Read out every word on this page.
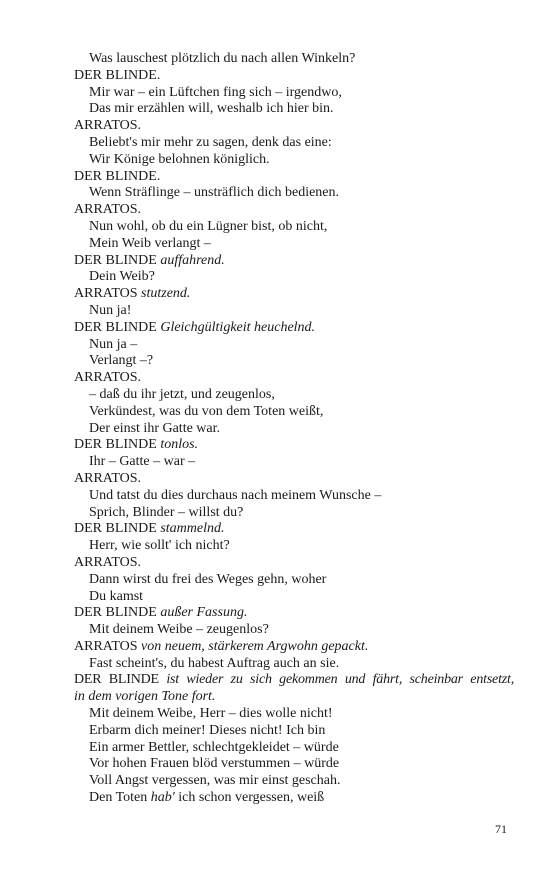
Was lauschest plötzlich du nach allen Winkeln?
DER BLINDE.
Mir war – ein Lüftchen fing sich – irgendwo,
Das mir erzählen will, weshalb ich hier bin.
ARRATOS.
Beliebt's mir mehr zu sagen, denk das eine:
Wir Könige belohnen königlich.
DER BLINDE.
Wenn Sträflinge – unsträflich dich bedienen.
ARRATOS.
Nun wohl, ob du ein Lügner bist, ob nicht,
Mein Weib verlangt –
DER BLINDE auffahrend.
Dein Weib?
ARRATOS stutzend.
Nun ja!
DER BLINDE Gleichgültigkeit heuchelnd.
Nun ja –
Verlangt –?
ARRATOS.
– daß du ihr jetzt, und zeugenlos,
Verkündest, was du von dem Toten weißt,
Der einst ihr Gatte war.
DER BLINDE tonlos.
Ihr – Gatte – war –
ARRATOS.
Und tatst du dies durchaus nach meinem Wunsche –
Sprich, Blinder – willst du?
DER BLINDE stammelnd.
Herr, wie sollt' ich nicht?
ARRATOS.
Dann wirst du frei des Weges gehn, woher
Du kamst
DER BLINDE außer Fassung.
Mit deinem Weibe – zeugenlos?
ARRATOS von neuem, stärkerem Argwohn gepackt.
Fast scheint's, du habest Auftrag auch an sie.
DER BLINDE ist wieder zu sich gekommen und fährt, scheinbar entsetzt,
in dem vorigen Tone fort.
Mit deinem Weibe, Herr – dies wolle nicht!
Erbarm dich meiner! Dieses nicht! Ich bin
Ein armer Bettler, schlechtgekleidet – würde
Vor hohen Frauen blöd verstummen – würde
Voll Angst vergessen, was mir einst geschah.
Den Toten hab' ich schon vergessen, weiß
71
